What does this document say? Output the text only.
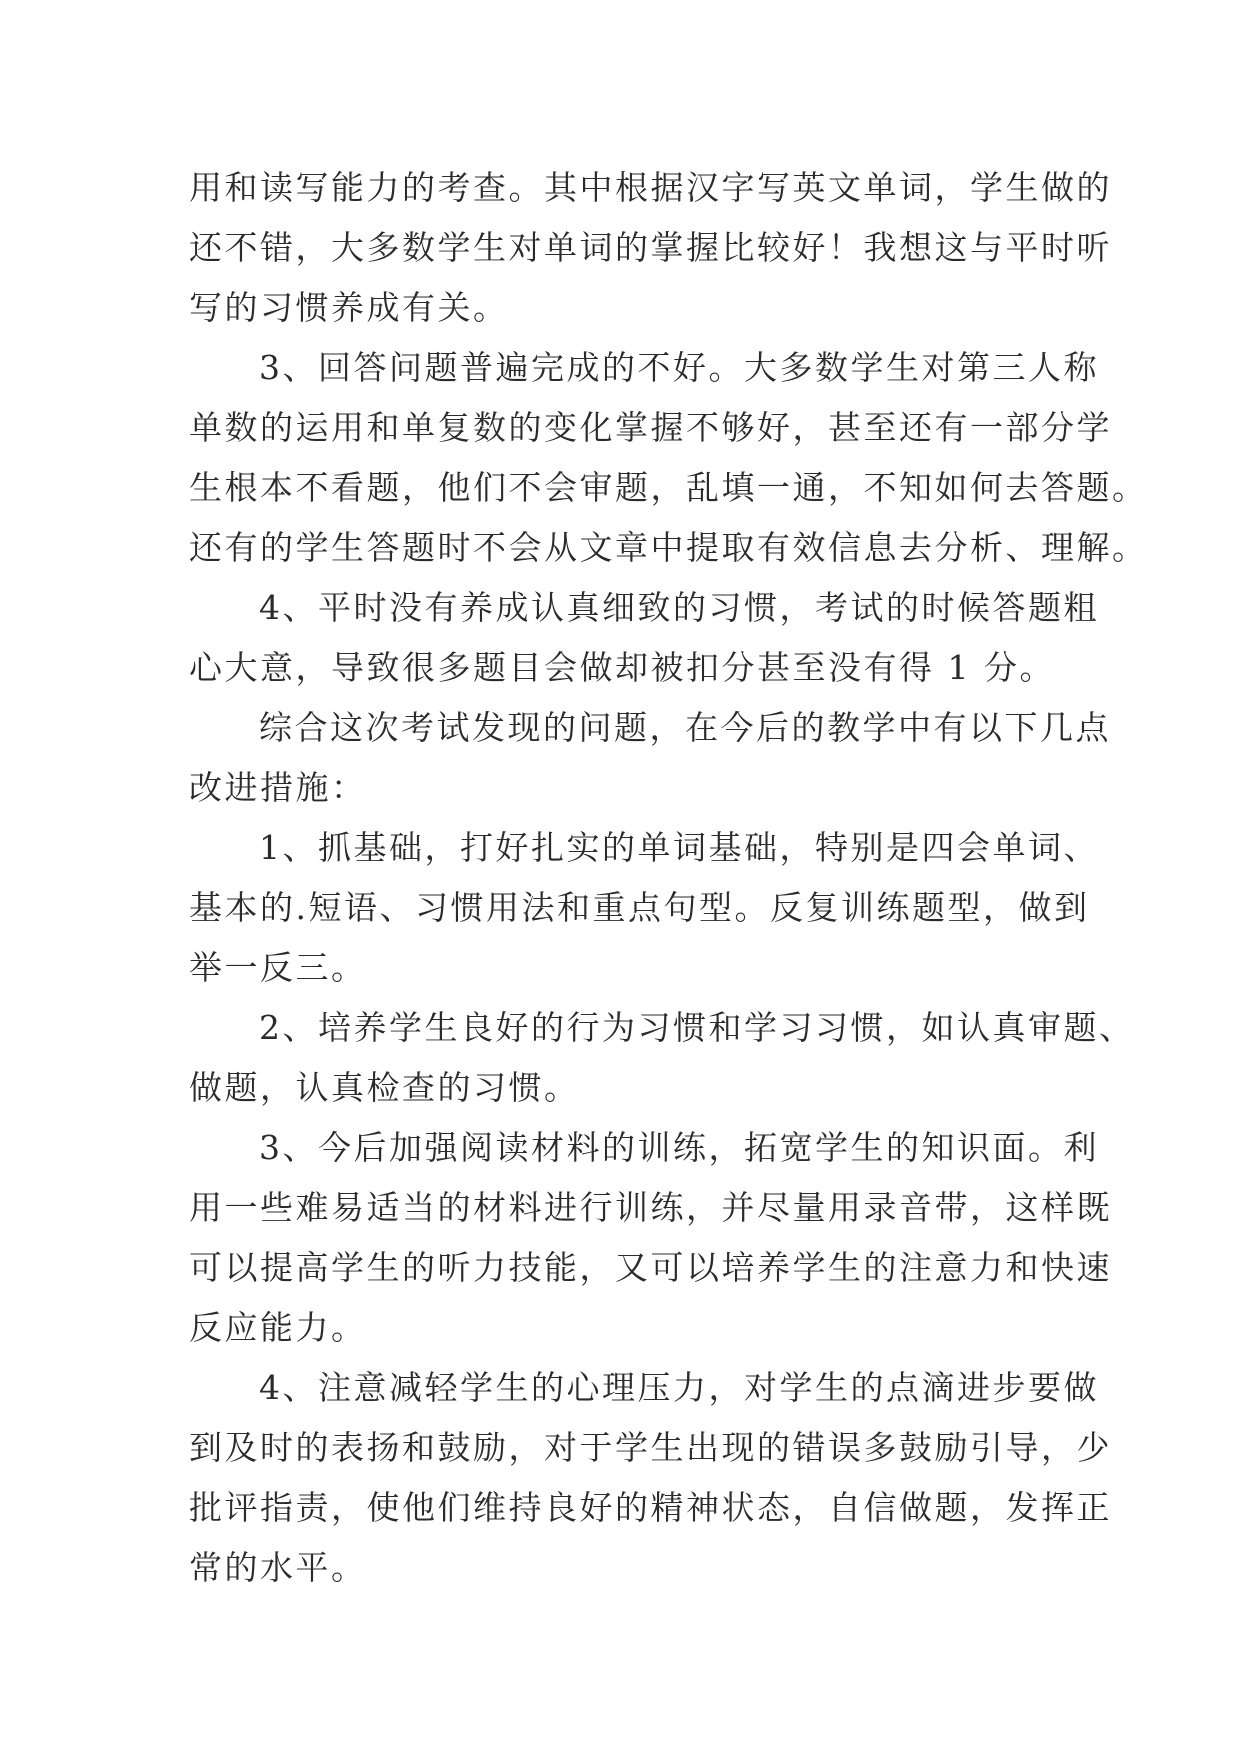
用和读写能力的考查。其中根据汉字写英文单词，学生做的
还不错，大多数学生对单词的掌握比较好！我想这与平时听
写的习惯养成有关。
3、回答问题普遍完成的不好。大多数学生对第三人称
单数的运用和单复数的变化掌握不够好，甚至还有一部分学
生根本不看题，他们不会审题，乱填一通，不知如何去答题。
还有的学生答题时不会从文章中提取有效信息去分析、理解。
4、平时没有养成认真细致的习惯，考试的时候答题粗
心大意，导致很多题目会做却被扣分甚至没有得 1 分。
综合这次考试发现的问题，在今后的教学中有以下几点
改进措施：
1、抓基础，打好扎实的单词基础，特别是四会单词、
基本的.短语、习惯用法和重点句型。反复训练题型，做到
举一反三。
2、培养学生良好的行为习惯和学习习惯，如认真审题、
做题，认真检查的习惯。
3、今后加强阅读材料的训练，拓宽学生的知识面。利
用一些难易适当的材料进行训练，并尽量用录音带，这样既
可以提高学生的听力技能，又可以培养学生的注意力和快速
反应能力。
4、注意减轻学生的心理压力，对学生的点滴进步要做
到及时的表扬和鼓励，对于学生出现的错误多鼓励引导，少
批评指责，使他们维持良好的精神状态，自信做题，发挥正
常的水平。
